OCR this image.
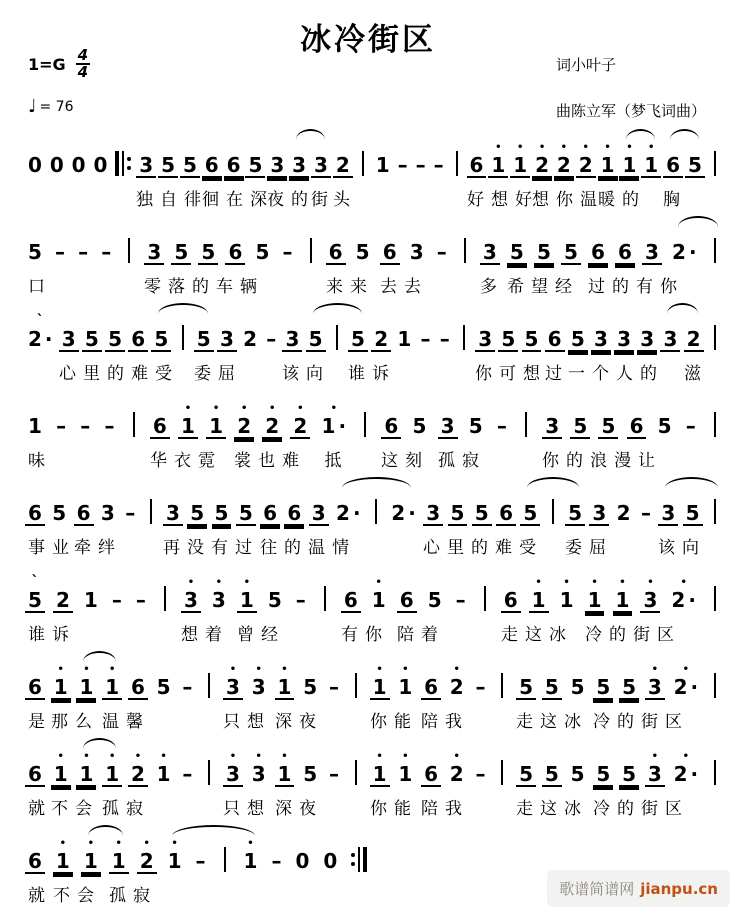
冰冷街区
$1=G \frac{4}{4}$
♩ = 76
词小叶子
曲陈立军（梦飞词曲）
0 0 0 0 3 5 5 6 6 5 3 3 3 2 1 – – – 6
•
1
•
1
•
2
•
2
•
2
•
1
•
1
•
1 6 5
独自徘
徊在深
夜的
街
头	好想好
想你温
暖的 胸
5 – – – 3 5 5 6 5 – 6 5 6 3 – 3 5 5 5 6 6 3 2 ·
口	零落的车辆	来来 去去	多 希望经 过的有你
`
2 · 3 5 5 6 5 5 3 2 – 3 5 5 2 1 – – 3 5 5 6 5 3 3 3 3 2
心里的难受 委屈 该向 谁诉	你可想
过 一个人的 滋
1 – – – 6
•
1
•
1
•
2
•
2
•
2
•
1 · 6 5 3 5 – 3 5 5 6 5 –
味	华衣霓 裳也难 抵 这刻 孤寂	你的浪漫让
6 5 6 3 – 3 5 5 5 6 6 3 2 · 2 · 3 5 5 6 5 5 3 2 – 3 5
事业
牵绊 再 没有过 往的温情	心里的难受 委屈	该向
`
5 2 1 – –
•
3
•
3
•
1 5 – 6
•
1 6 5 – 6
•
1
•
1
•
1
•
1
•
3
•
2 ·
谁诉	想着 曾经	有你 陪着	走这冰 冷的街区
6
•
1
•
1
•
1 6 5 –
•
3
•
3
•
1 5 –
•
1
•
1 6
•
2 – 5 5 5 5 5
•
3
•
2 ·
是 那么 温馨	只想 深夜	你能 陪我	走这冰 冷的街区
6
•
1
•
1
•
1
•
2
•
1 –
•
3
•
3
•
1 5 –
•
1
•
1 6
•
2 – 5 5 5 5 5
•
3
•
2 ·
就 不会 孤寂	只想 深夜	你能 陪我	走这冰 冷的街区
6
•
1
•
1
•
1
•
2
•
1 –
•
1 – 0 0
就 不会 孤寂	歌谱简谱网 jianpu.cn
